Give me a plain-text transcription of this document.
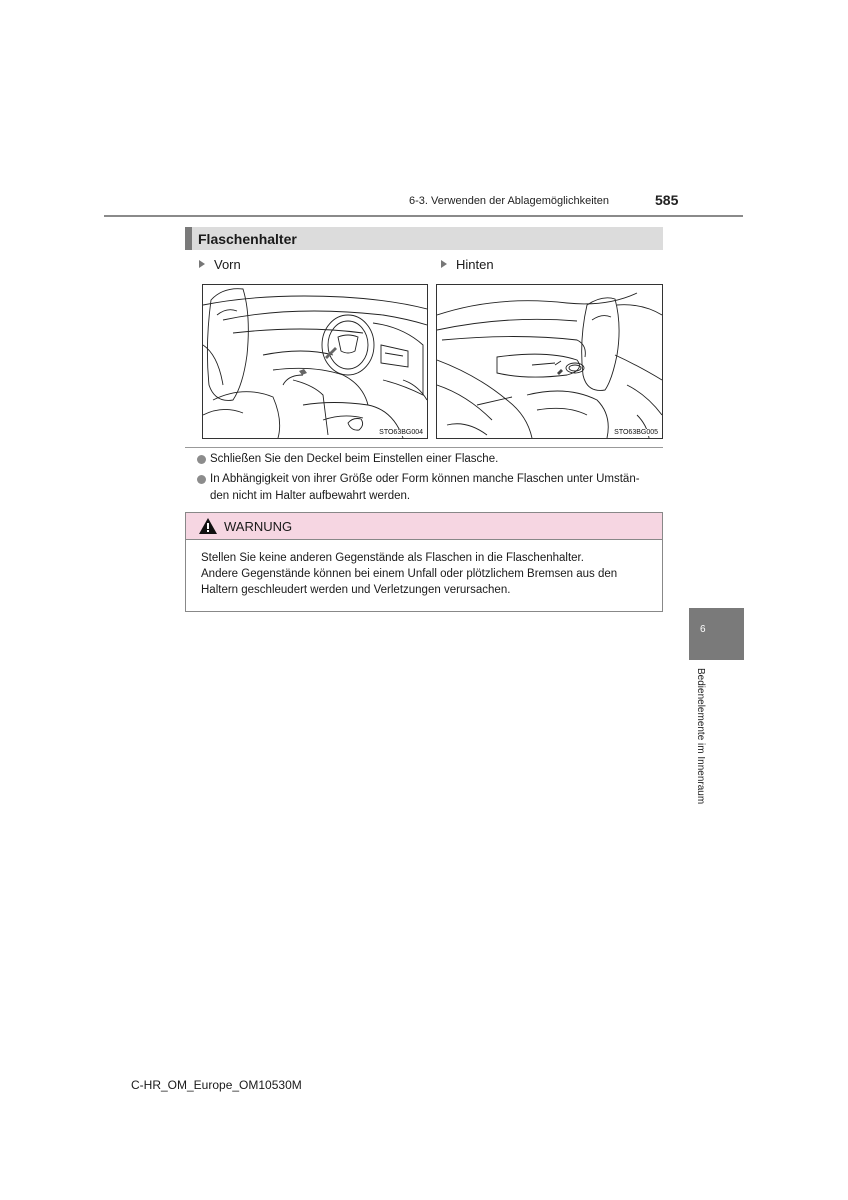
6-3. Verwenden der Ablagemöglichkeiten	585
Flaschenhalter
Vorn	Hinten
STO63BG004	STO63BG005
Schließen Sie den Deckel beim Einstellen einer Flasche.
In Abhängigkeit von ihrer Größe oder Form können manche Flaschen unter Umstän-
den nicht im Halter aufbewahrt werden.
WARNUNG
Stellen Sie keine anderen Gegenstände als Flaschen in die Flaschenhalter.
Andere Gegenstände können bei einem Unfall oder plötzlichem Bremsen aus den
Haltern geschleudert werden und Verletzungen verursachen.
6
Bedienelemente im Innenraum
C-HR_OM_Europe_OM10530M
